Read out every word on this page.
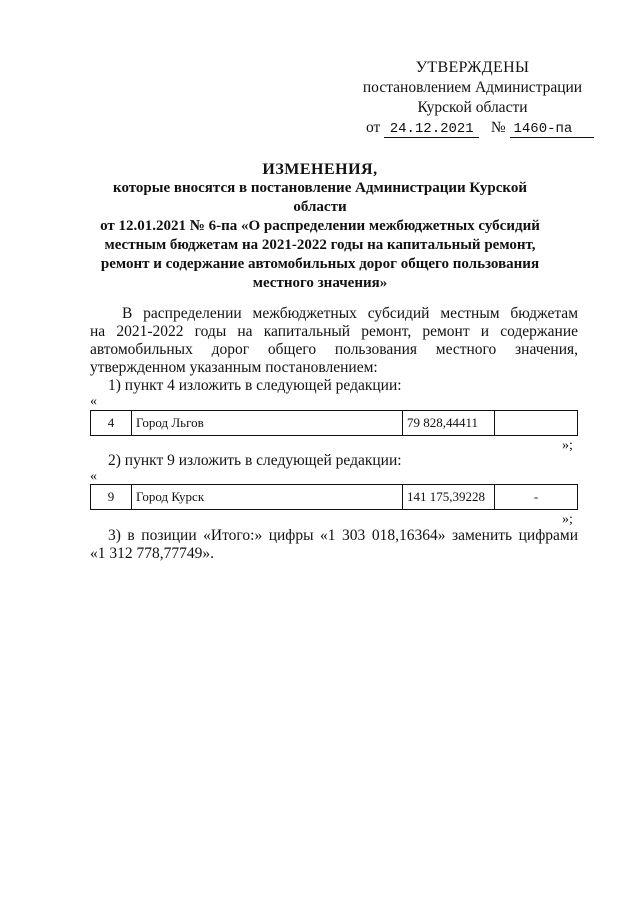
УТВЕРЖДЕНЫ
постановлением Администрации
Курской области
от 24.12.2021 № 1460-па
ИЗМЕНЕНИЯ,
которые вносятся в постановление Администрации Курской области
от 12.01.2021 № 6-па «О распределении межбюджетных субсидий
местным бюджетам на 2021-2022 годы на капитальный ремонт,
ремонт и содержание автомобильных дорог общего пользования
местного значения»
В распределении межбюджетных субсидий местным бюджетам
на 2021-2022 годы на капитальный ремонт, ремонт и содержание
автомобильных дорог общего пользования местного значения,
утвержденном указанным постановлением:
1) пункт 4 изложить в следующей редакции:
«
4	Город Льгов	79 828,44411	
»;
2) пункт 9 изложить в следующей редакции:
«
9	Город Курск	141 175,39228	-
»;
3) в позиции «Итого:» цифры «1 303 018,16364» заменить цифрами
«1 312 778,77749».
